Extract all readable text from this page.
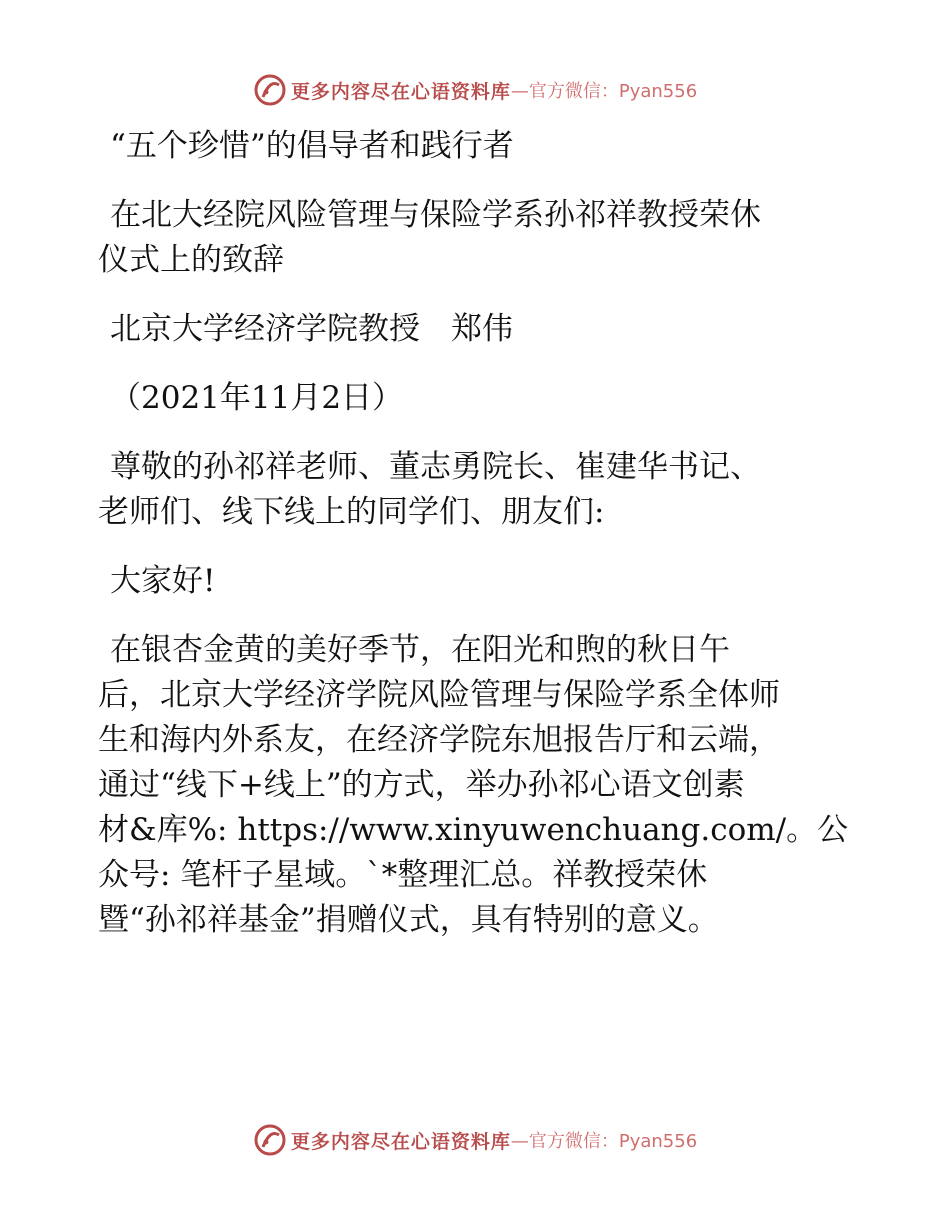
更多内容尽在心语资料库 —官方微信：Pyan556

“五个珍惜”的倡导者和践行者

在北大经院风险管理与保险学系孙祁祥教授荣休

仪式上的致辞

北京大学经济学院教授　郑伟

（2021年11月2日）

尊敬的孙祁祥老师、董志勇院长、崔建华书记、

老师们、线下线上的同学们、朋友们:

大家好!

在银杏金黄的美好季节，在阳光和煦的秋日午

后，北京大学经济学院风险管理与保险学系全体师

生和海内外系友，在经济学院东旭报告厅和云端，

通过“线下+线上”的方式，举办孙祁心语文创素

材&库%: https://www.xinyuwenchuang.com/。公

众号: 笔杆子星域。`*整理汇总。祥教授荣休

暨“孙祁祥基金”捐赠仪式，具有特别的意义。

更多内容尽在心语资料库 —官方微信：Pyan556
